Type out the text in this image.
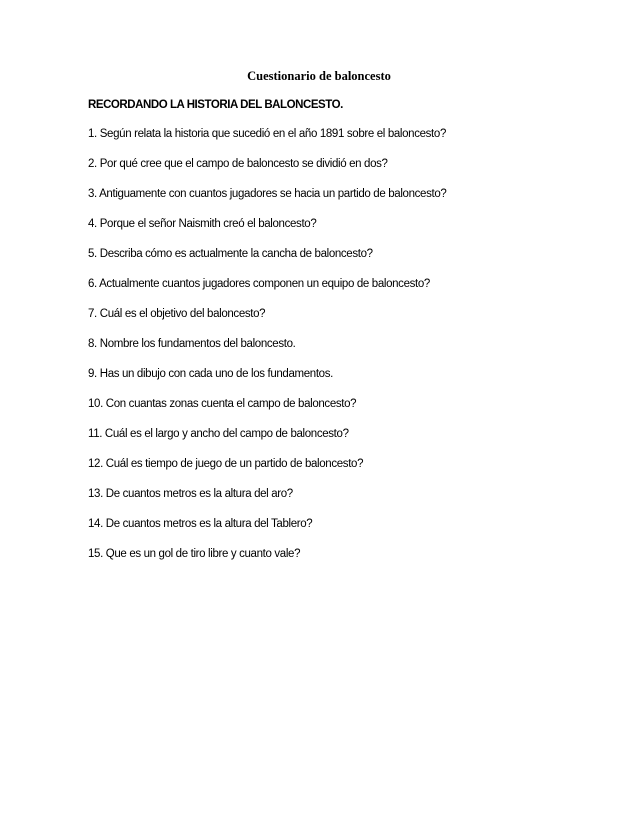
Cuestionario de baloncesto
RECORDANDO LA HISTORIA DEL BALONCESTO.
1. Según relata la historia que sucedió en el año 1891 sobre el baloncesto?
2. Por qué cree que el campo de baloncesto se dividió en dos?
3. Antiguamente con cuantos jugadores se hacia un partido de baloncesto?
4. Porque el señor Naismith creó el baloncesto?
5. Describa cómo es actualmente la cancha de baloncesto?
6. Actualmente cuantos jugadores componen un equipo de baloncesto?
7. Cuál es el objetivo del baloncesto?
8. Nombre los fundamentos del baloncesto.
9. Has un dibujo con cada uno de los fundamentos.
10. Con cuantas zonas cuenta el campo de baloncesto?
11. Cuál es el largo y ancho del campo de baloncesto?
12. Cuál es tiempo de juego de un partido de baloncesto?
13. De cuantos metros es la altura del aro?
14. De cuantos metros es la altura del Tablero?
15. Que es un gol de tiro libre y cuanto vale?
